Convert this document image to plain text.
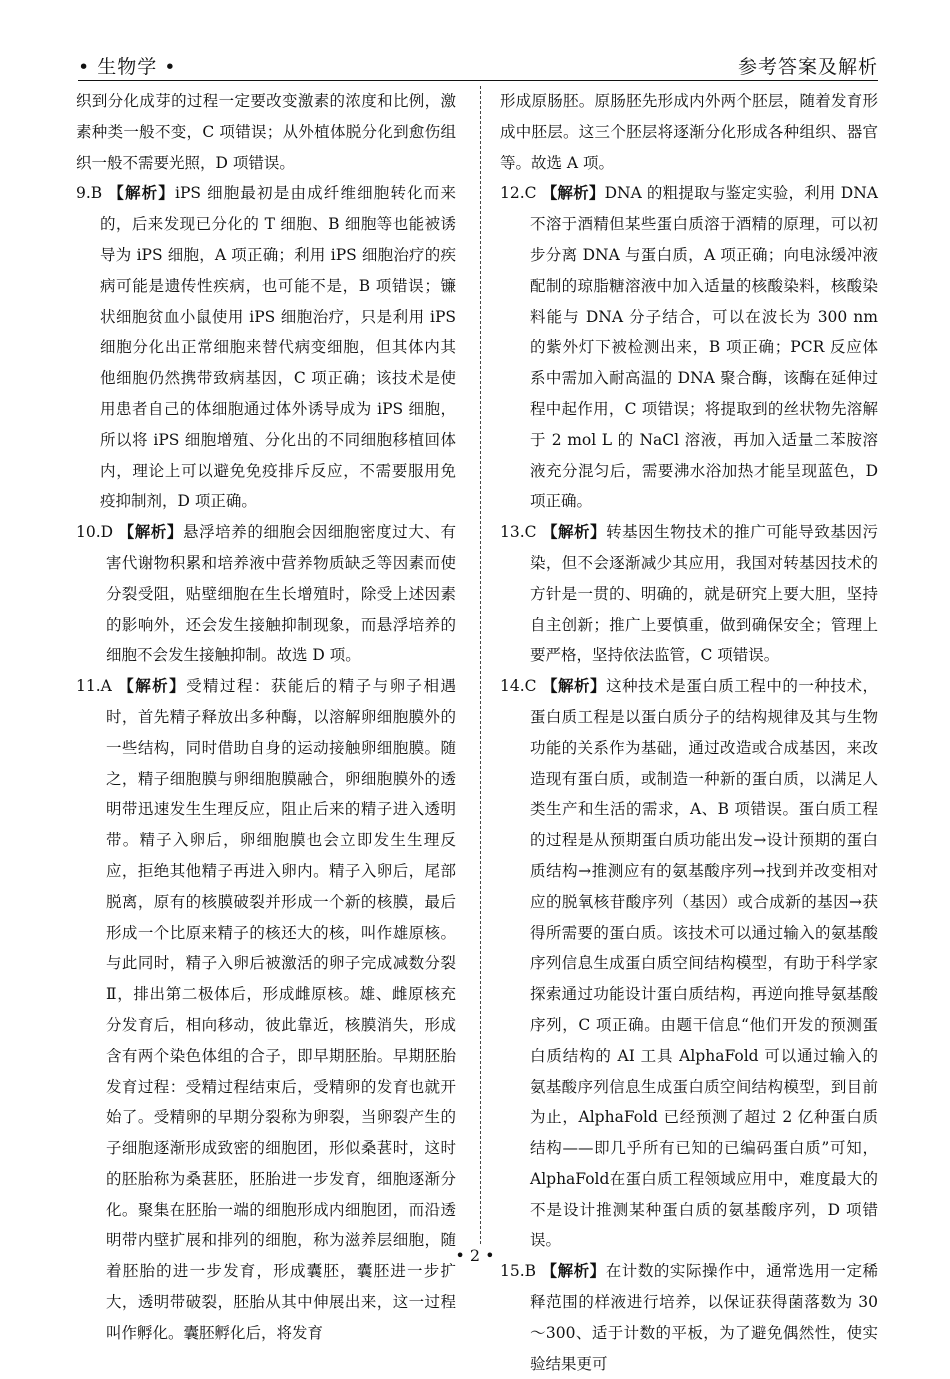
• 生物学 •	参考答案及解析

织到分化成芽的过程一定要改变激素的浓度和比例，激素种类一般不变，C 项错误；从外植体脱分化到愈伤组织一般不需要光照，D 项错误。

9.B 【解析】iPS 细胞最初是由成纤维细胞转化而来的，后来发现已分化的 T 细胞、B 细胞等也能被诱导为 iPS 细胞，A 项正确；利用 iPS 细胞治疗的疾病可能是遗传性疾病，也可能不是，B 项错误；镰状细胞贫血小鼠使用 iPS 细胞治疗，只是利用 iPS 细胞分化出正常细胞来替代病变细胞，但其体内其他细胞仍然携带致病基因，C 项正确；该技术是使用患者自己的体细胞通过体外诱导成为 iPS 细胞，所以将 iPS 细胞增殖、分化出的不同细胞移植回体内，理论上可以避免免疫排斥反应，不需要服用免疫抑制剂，D 项正确。

10.D 【解析】悬浮培养的细胞会因细胞密度过大、有害代谢物积累和培养液中营养物质缺乏等因素而使分裂受阻，贴壁细胞在生长增殖时，除受上述因素的影响外，还会发生接触抑制现象，而悬浮培养的细胞不会发生接触抑制。故选 D 项。

11.A 【解析】受精过程：获能后的精子与卵子相遇时，首先精子释放出多种酶，以溶解卵细胞膜外的一些结构，同时借助自身的运动接触卵细胞膜。随之，精子细胞膜与卵细胞膜融合，卵细胞膜外的透明带迅速发生生理反应，阻止后来的精子进入透明带。精子入卵后，卵细胞膜也会立即发生生理反应，拒绝其他精子再进入卵内。精子入卵后，尾部脱离，原有的核膜破裂并形成一个新的核膜，最后形成一个比原来精子的核还大的核，叫作雄原核。与此同时，精子入卵后被激活的卵子完成减数分裂Ⅱ，排出第二极体后，形成雌原核。雄、雌原核充分发育后，相向移动，彼此靠近，核膜消失，形成含有两个染色体组的合子，即早期胚胎。早期胚胎发育过程：受精过程结束后，受精卵的发育也就开始了。受精卵的早期分裂称为卵裂，当卵裂产生的子细胞逐渐形成致密的细胞团，形似桑葚时，这时的胚胎称为桑葚胚，胚胎进一步发育，细胞逐渐分化。聚集在胚胎一端的细胞形成内细胞团，而沿透明带内壁扩展和排列的细胞，称为滋养层细胞，随着胚胎的进一步发育，形成囊胚，囊胚进一步扩大，透明带破裂，胚胎从其中伸展出来，这一过程叫作孵化。囊胚孵化后，将发育

形成原肠胚。原肠胚先形成内外两个胚层，随着发育形成中胚层。这三个胚层将逐渐分化形成各种组织、器官等。故选 A 项。

12.C 【解析】DNA 的粗提取与鉴定实验，利用 DNA 不溶于酒精但某些蛋白质溶于酒精的原理，可以初步分离 DNA 与蛋白质，A 项正确；向电泳缓冲液配制的琼脂糖溶液中加入适量的核酸染料，核酸染料能与 DNA 分子结合，可以在波长为 300 nm 的紫外灯下被检测出来，B 项正确；PCR 反应体系中需加入耐高温的 DNA 聚合酶，该酶在延伸过程中起作用，C 项错误；将提取到的丝状物先溶解于 2 mol L 的 NaCl 溶液，再加入适量二苯胺溶液充分混匀后，需要沸水浴加热才能呈现蓝色，D 项正确。

13.C 【解析】转基因生物技术的推广可能导致基因污染，但不会逐渐减少其应用，我国对转基因技术的方针是一贯的、明确的，就是研究上要大胆，坚持自主创新；推广上要慎重，做到确保安全；管理上要严格，坚持依法监管，C 项错误。

14.C 【解析】这种技术是蛋白质工程中的一种技术，蛋白质工程是以蛋白质分子的结构规律及其与生物功能的关系作为基础，通过改造或合成基因，来改造现有蛋白质，或制造一种新的蛋白质，以满足人类生产和生活的需求，A、B 项错误。蛋白质工程的过程是从预期蛋白质功能出发→设计预期的蛋白质结构→推测应有的氨基酸序列→找到并改变相对应的脱氧核苷酸序列（基因）或合成新的基因→获得所需要的蛋白质。该技术可以通过输入的氨基酸序列信息生成蛋白质空间结构模型，有助于科学家探索通过功能设计蛋白质结构，再逆向推导氨基酸序列，C 项正确。由题干信息“他们开发的预测蛋白质结构的 AI 工具 AlphaFold 可以通过输入的氨基酸序列信息生成蛋白质空间结构模型，到目前为止，AlphaFold 已经预测了超过 2 亿种蛋白质结构——即几乎所有已知的已编码蛋白质”可知，AlphaFold在蛋白质工程领域应用中，难度最大的不是设计推测某种蛋白质的氨基酸序列，D 项错误。

15.B 【解析】在计数的实际操作中，通常选用一定稀释范围的样液进行培养，以保证获得菌落数为 30～300、适于计数的平板，为了避免偶然性，使实验结果更可

• 2 •
